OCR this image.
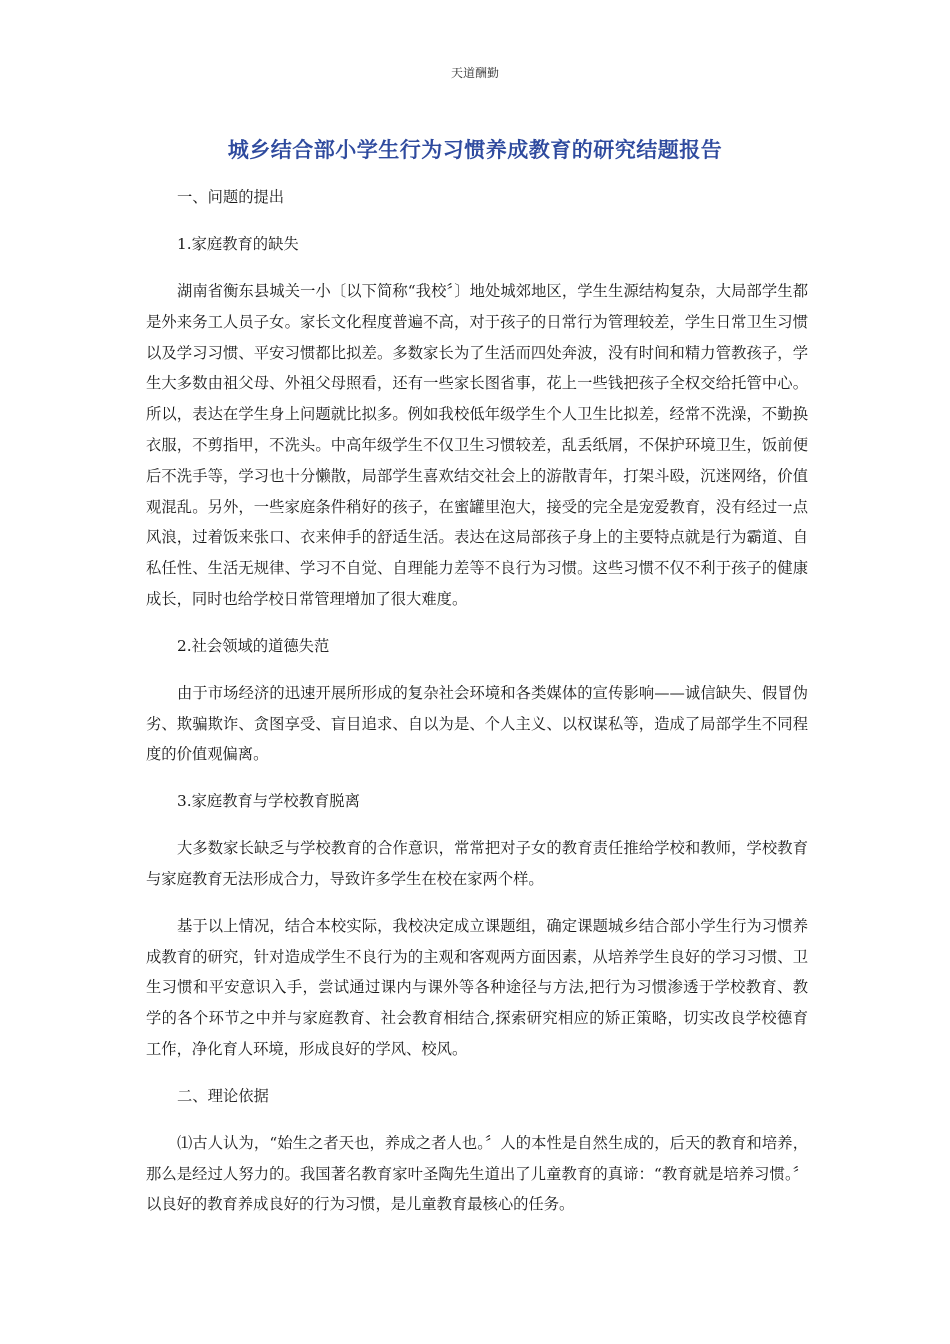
天道酬勤
城乡结合部小学生行为习惯养成教育的研究结题报告

一、问题的提出

1.家庭教育的缺失

湖南省衡东县城关一小〔以下简称“我校〞〕地处城郊地区，学生生源结构复杂，大局部学生都是外来务工人员子女。家长文化程度普遍不高，对于孩子的日常行为管理较差，学生日常卫生习惯以及学习习惯、平安习惯都比拟差。多数家长为了生活而四处奔波，没有时间和精力管教孩子，学生大多数由祖父母、外祖父母照看，还有一些家长图省事，花上一些钱把孩子全权交给托管中心。所以，表达在学生身上问题就比拟多。例如我校低年级学生个人卫生比拟差，经常不洗澡，不勤换衣服，不剪指甲，不洗头。中高年级学生不仅卫生习惯较差，乱丢纸屑，不保护环境卫生，饭前便后不洗手等，学习也十分懒散，局部学生喜欢结交社会上的游散青年，打架斗殴，沉迷网络，价值观混乱。另外，一些家庭条件稍好的孩子，在蜜罐里泡大，接受的完全是宠爱教育，没有经过一点风浪，过着饭来张口、衣来伸手的舒适生活。表达在这局部孩子身上的主要特点就是行为霸道、自私任性、生活无规律、学习不自觉、自理能力差等不良行为习惯。这些习惯不仅不利于孩子的健康成长，同时也给学校日常管理增加了很大难度。

2.社会领域的道德失范

由于市场经济的迅速开展所形成的复杂社会环境和各类媒体的宣传影响——诚信缺失、假冒伪劣、欺骗欺诈、贪图享受、盲目追求、自以为是、个人主义、以权谋私等，造成了局部学生不同程度的价值观偏离。

3.家庭教育与学校教育脱离

大多数家长缺乏与学校教育的合作意识，常常把对子女的教育责任推给学校和教师，学校教育与家庭教育无法形成合力，导致许多学生在校在家两个样。

基于以上情况，结合本校实际，我校决定成立课题组，确定课题城乡结合部小学生行为习惯养成教育的研究，针对造成学生不良行为的主观和客观两方面因素，从培养学生良好的学习习惯、卫生习惯和平安意识入手，尝试通过课内与课外等各种途径与方法,把行为习惯渗透于学校教育、教学的各个环节之中并与家庭教育、社会教育相结合,探索研究相应的矫正策略，切实改良学校德育工作，净化育人环境，形成良好的学风、校风。

二、理论依据

⑴古人认为，“始生之者天也，养成之者人也。〞人的本性是自然生成的，后天的教育和培养，那么是经过人努力的。我国著名教育家叶圣陶先生道出了儿童教育的真谛：“教育就是培养习惯。〞以良好的教育养成良好的行为习惯，是儿童教育最核心的任务。
